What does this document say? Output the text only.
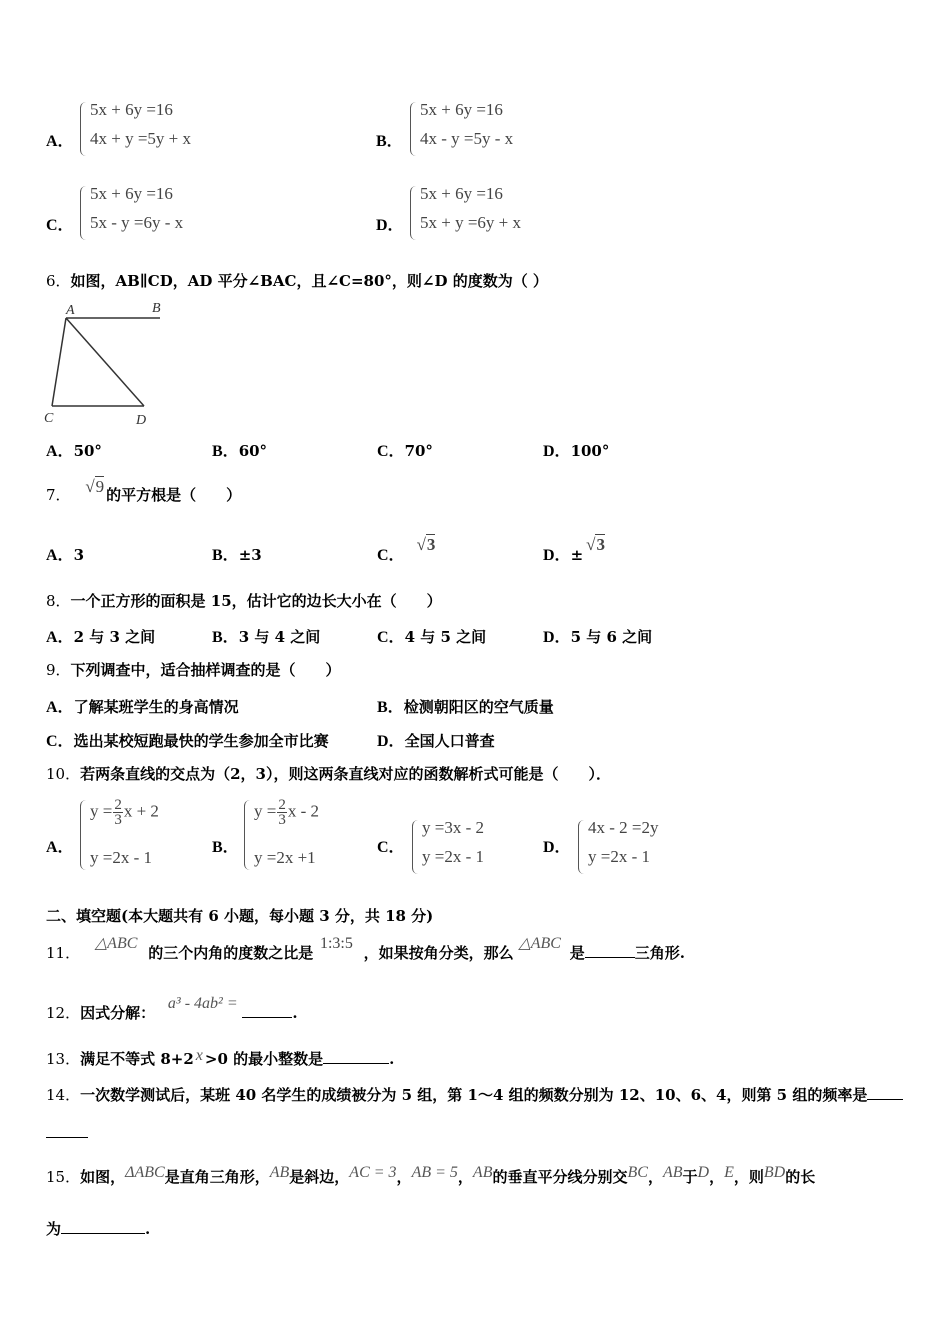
A．
5x + 6y =16
4x + y =5y + x	B．
5x + 6y =16
4x - y =5y - x
C．
5x + 6y =16
5x - y =6y - x	D．
5x + 6y =16
5x + y =6y + x
6．如图，AB∥CD，AD 平分∠BAC，且∠C=80°，则∠D 的度数为（ ）
A	B
C	D
A．50°	B．60°	C．70°	D．100°
7． √9 的平方根是（　　）
A．3	B．±3	C．√3
D．±√3
8．一个正方形的面积是 15，估计它的边长大小在（　　）
A．2 与 3 之间	B．3 与 4 之间	C．4 与 5 之间	D．5 与 6 之间
9．下列调查中，适合抽样调查的是（　　）
A．了解某班学生的身高情况	B．检测朝阳区的空气质量
C．选出某校短跑最快的学生参加全市比赛	D．全国人口普查
10．若两条直线的交点为（2，3），则这两条直线对应的函数解析式可能是（　　）．
A．
$y = \frac{2}{3}$ x + 2
y =2x - 1
B．
$y = \frac{2}{3}$ x - 2
y =2x +1
C．
y =3x - 2
y =2x - 1	D．
4x - 2 =2y
y =2x - 1
二、填空题(本大题共有 6 小题，每小题 3 分，共 18 分)
11． △ABC 的三个内角的度数之比是 1:3:5 ，如果按角分类，那么 △ABC 是	三角形.
12．因式分解： a³ - 4ab² = .
13．满足不等式 8+2 x >0 的最小整数是	.
14．一次数学测试后，某班 40 名学生的成绩被分为 5 组，第 1～4 组的频数分别为 12、10、6、4，则第 5 组的频率是
15．如图，ΔABC是直角三角形，AB是斜边，AC = 3，AB = 5，AB的垂直平分线分别交BC，AB于D，E，则BD的长
为	.
